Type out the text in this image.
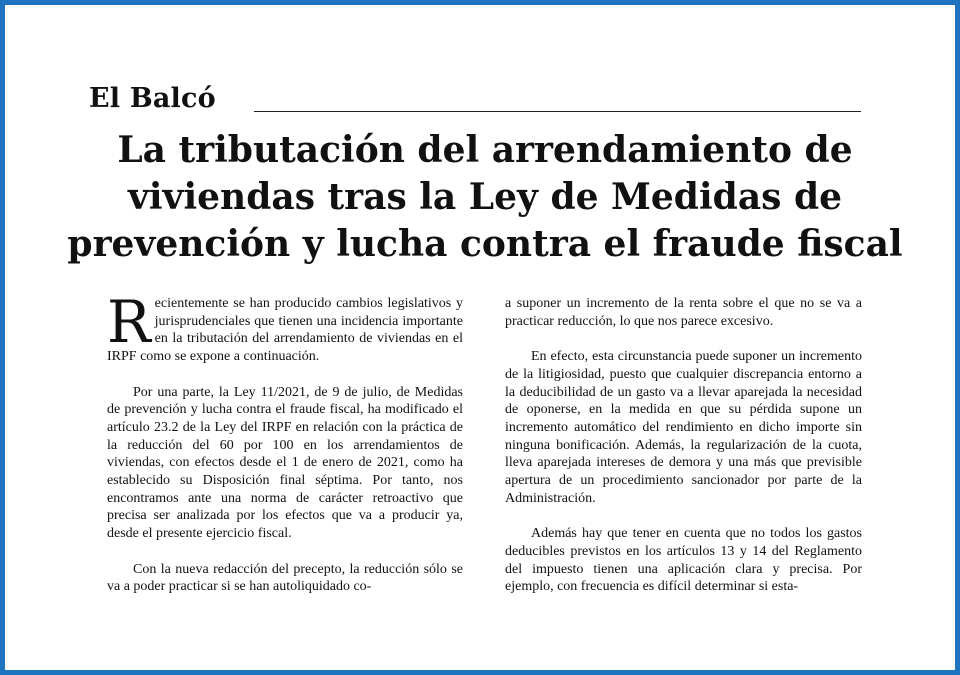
El Balcó
La tributación del arrendamiento de
viviendas tras la Ley de Medidas de
prevención y lucha contra el fraude fiscal

Recientemente se han producido cambios legislativos y jurisprudenciales que tienen una incidencia importante en la tributación del arrendamiento de viviendas en el IRPF como se expone a continuación.

Por una parte, la Ley 11/2021, de 9 de julio, de Medidas de prevención y lucha contra el fraude fiscal, ha modificado el artículo 23.2 de la Ley del IRPF en relación con la práctica de la reducción del 60 por 100 en los arrendamientos de viviendas, con efectos desde el 1 de enero de 2021, como ha establecido su Disposición final séptima. Por tanto, nos encontramos ante una norma de carácter retroactivo que precisa ser analizada por los efectos que va a producir ya, desde el presente ejercicio fiscal.

Con la nueva redacción del precepto, la reducción sólo se va a poder practicar si se han autoliquidado co-

a suponer un incremento de la renta sobre el que no se va a practicar reducción, lo que nos parece excesivo.

En efecto, esta circunstancia puede suponer un incremento de la litigiosidad, puesto que cualquier discrepancia entorno a la deducibilidad de un gasto va a llevar aparejada la necesidad de oponerse, en la medida en que su pérdida supone un incremento automático del rendimiento en dicho importe sin ninguna bonificación. Además, la regularización de la cuota, lleva aparejada intereses de demora y una más que previsible apertura de un procedimiento sancionador por parte de la Administración.

Además hay que tener en cuenta que no todos los gastos deducibles previstos en los artículos 13 y 14 del Reglamento del impuesto tienen una aplicación clara y precisa. Por ejemplo, con frecuencia es difícil determinar si esta-
